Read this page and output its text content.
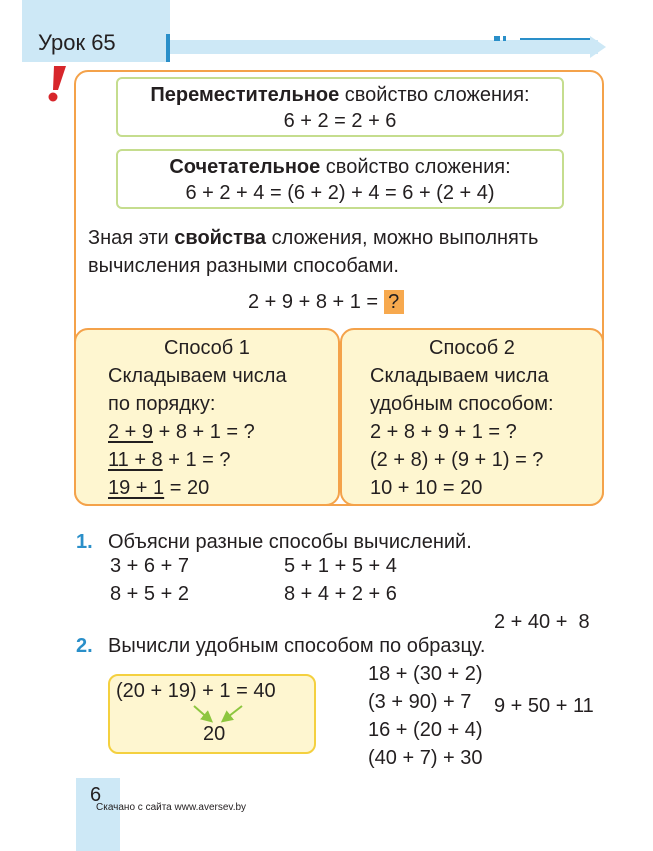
Урок 65
Переместительное свойство сложения:
6 + 2 = 2 + 6
Сочетательное свойство сложения:
6 + 2 + 4 = (6 + 2) + 4 = 6 + (2 + 4)
Зная эти свойства сложения, можно выполнять вычисления разными способами.
2 + 9 + 8 + 1 = ?
Способ 1
Складываем числа
по порядку:
2 + 9 + 8 + 1 = ?
11 + 8 + 1 = ?
19 + 1 = 20
Способ 2
Складываем числа
удобным способом:
2 + 8 + 9 + 1 = ?
(2 + 8) + (9 + 1) = ?
10 + 10 = 20
1. Объясни разные способы вычислений.
3 + 6 + 7
8 + 5 + 2
5 + 1 + 5 + 4
8 + 4 + 2 + 6

2 + 40 +  8

9 + 50 + 11

2. Вычисли удобным способом по образцу.
(20 + 19) + 1 = 40
20
18 + (30 + 2)
(3 + 90) + 7
16 + (20 + 4)
(40 + 7) + 30
6
Скачано с сайта www.aversev.by
